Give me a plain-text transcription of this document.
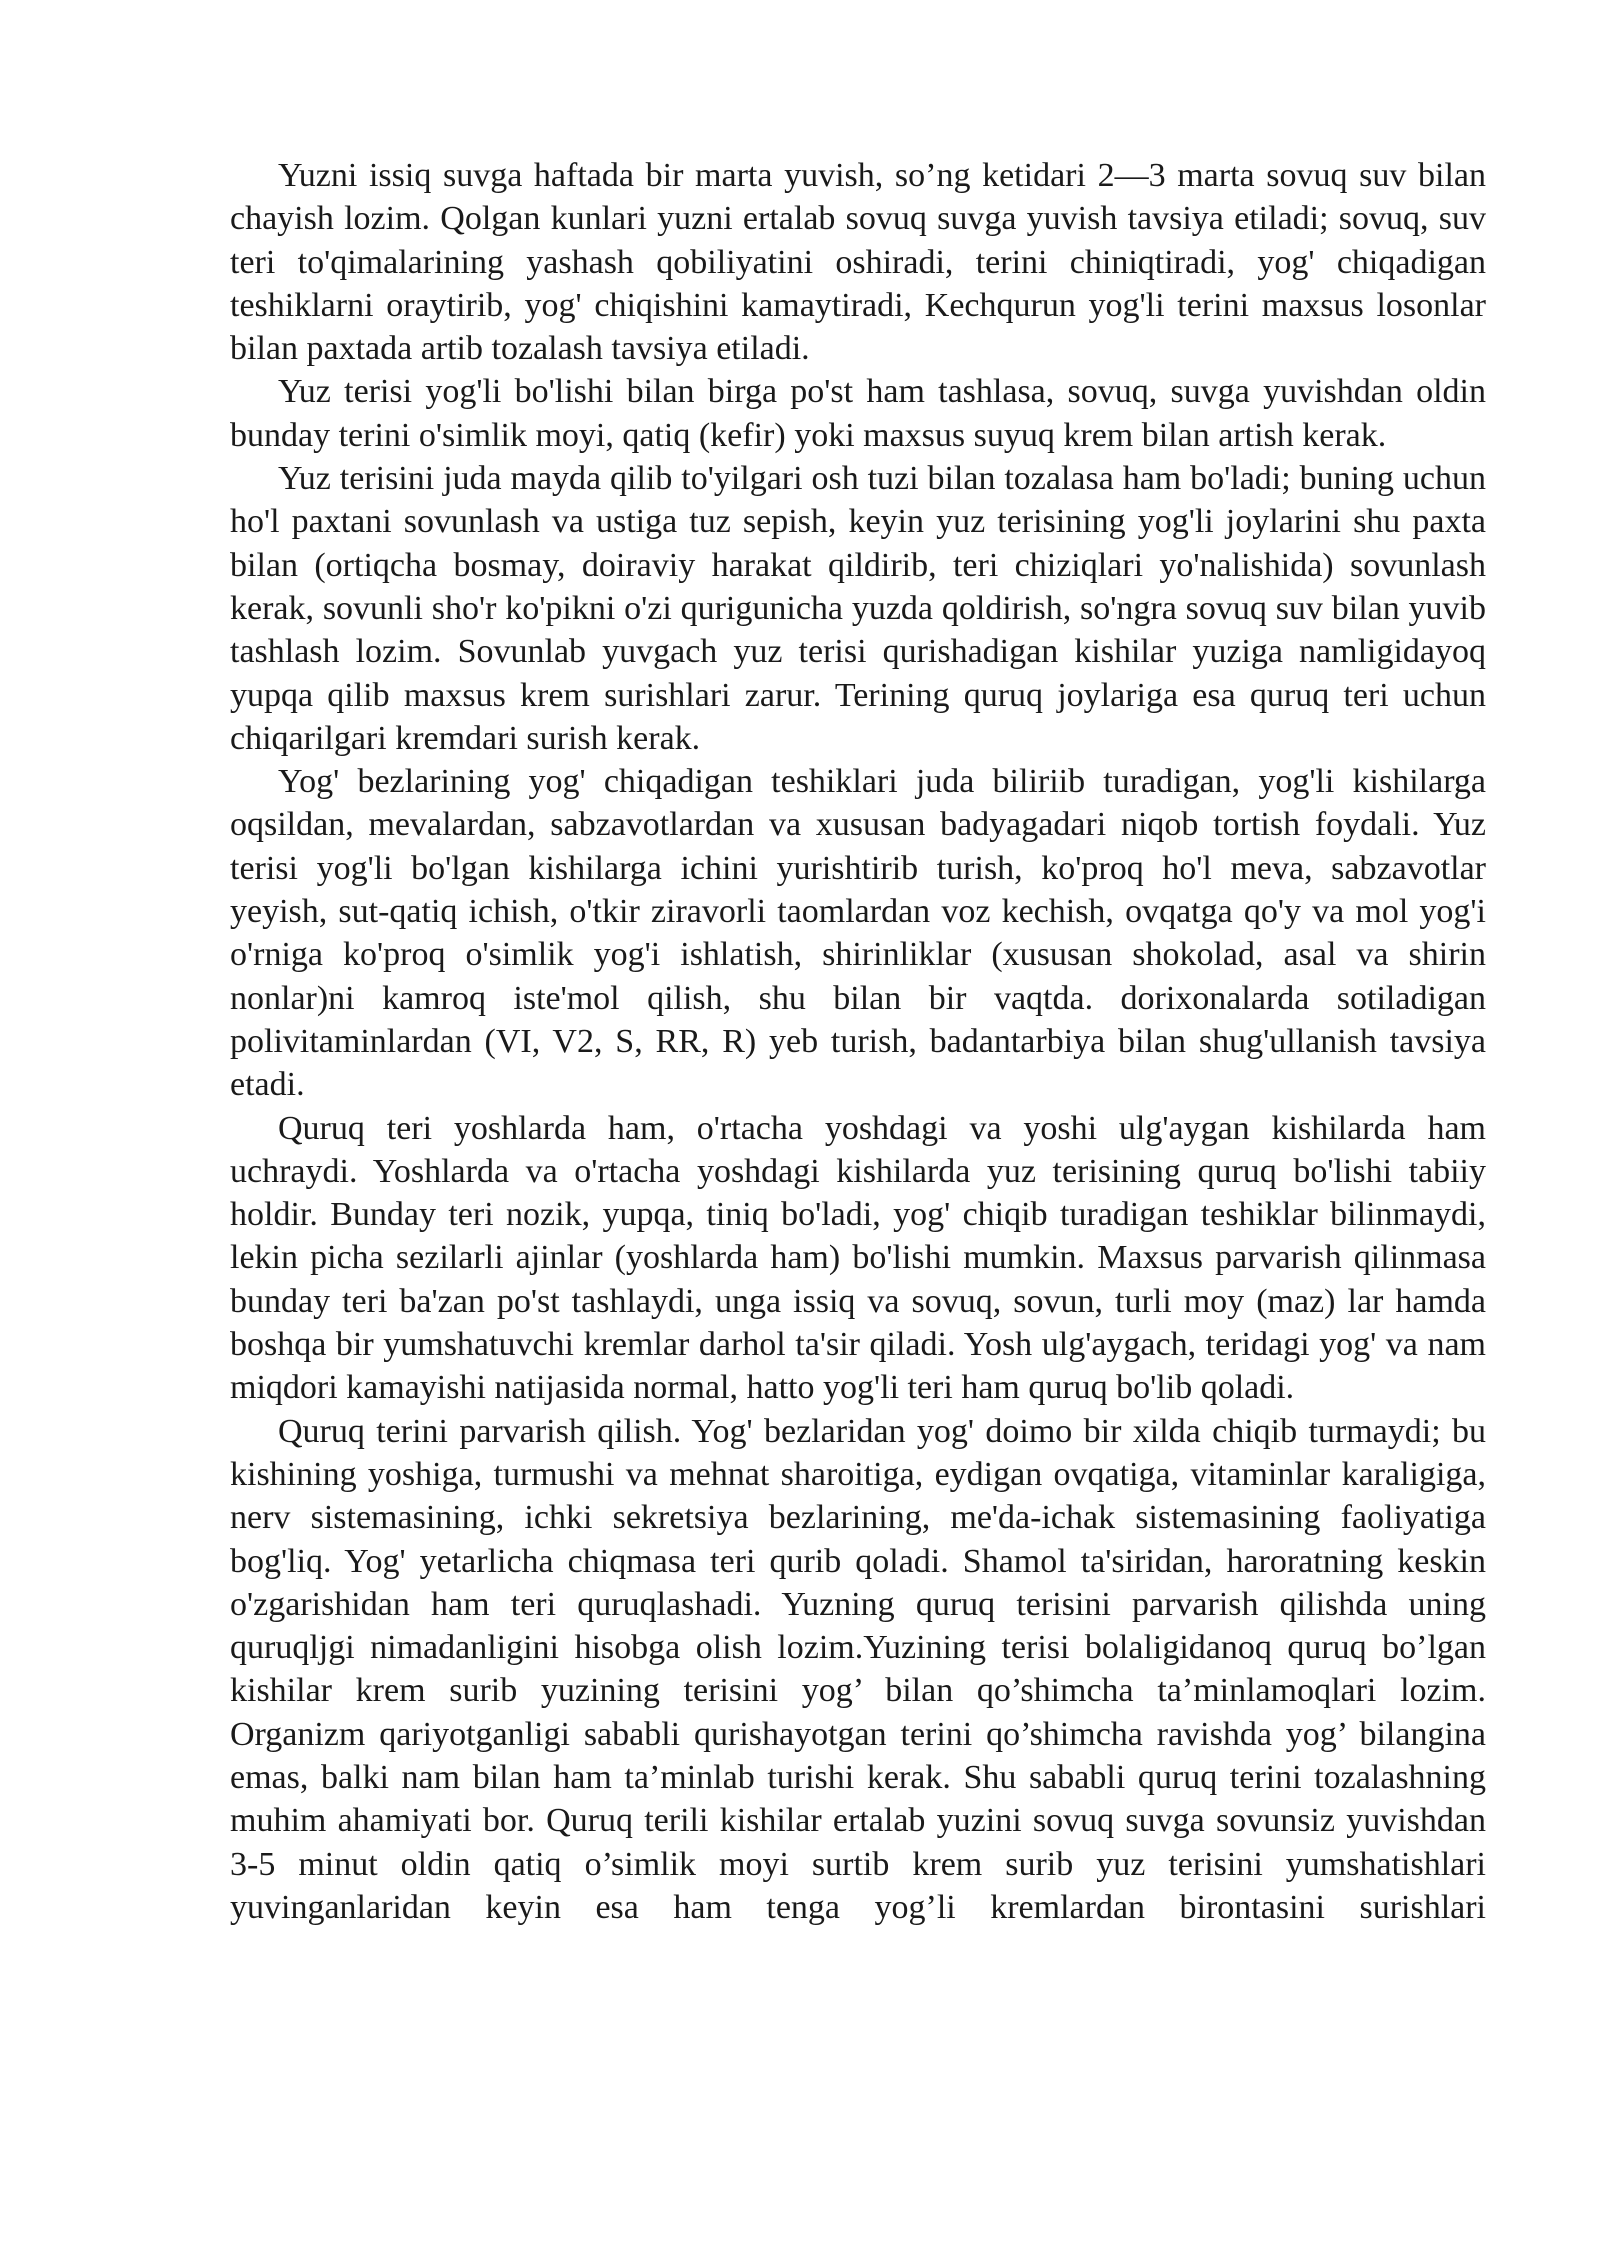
Yuzni issiq suvga haftada bir marta yuvish, so’ng ketidari 2—3 marta sovuq suv bilan chayish lozim. Qolgan kunlari yuzni ertalab sovuq suvga yuvish tavsiya etiladi; sovuq, suv teri to'qimalarining yashash qobiliyatini oshiradi, terini chiniqtiradi, yog' chiqadigan teshiklarni oraytirib, yog' chiqishini kamaytiradi, Kechqurun yog'li terini maxsus losonlar bilan paxtada artib tozalash tavsiya etiladi.

Yuz terisi yog'li bo'lishi bilan birga po'st ham tashlasa, sovuq, suvga yuvishdan oldin bunday terini o'simlik moyi, qatiq (kefir) yoki maxsus suyuq krem bilan artish kerak.

Yuz terisini juda mayda qilib to'yilgari osh tuzi bilan tozalasa ham bo'ladi; buning uchun ho'l paxtani sovunlash va ustiga tuz sepish, keyin yuz terisining yog'li joylarini shu paxta bilan (ortiqcha bosmay, doiraviy harakat qildirib, teri chiziqlari yo'nalishida) sovunlash kerak, sovunli sho'r ko'pikni o'zi qurigunicha yuzda qoldirish, so'ngra sovuq suv bilan yuvib tashlash lozim. Sovunlab yuvgach yuz terisi qurishadigan kishilar yuziga namligidayoq yupqa qilib maxsus krem surishlari zarur. Terining quruq joylariga esa quruq teri uchun chiqarilgari kremdari surish kerak.

Yog' bezlarining yog' chiqadigan teshiklari juda biliriib turadigan, yog'li kishilarga oqsildan, mevalardan, sabzavotlardan va xususan badyagadari niqob tortish foydali. Yuz terisi yog'li bo'lgan kishilarga ichini yurishtirib turish, ko'proq ho'l meva, sabzavotlar yeyish, sut-qatiq ichish, o'tkir ziravorli taomlardan voz kechish, ovqatga qo'y va mol yog'i o'rniga ko'proq o'simlik yog'i ishlatish, shirinliklar (xususan shokolad, asal va shirin nonlar)ni kamroq iste'mol qilish, shu bilan bir vaqtda. dorixonalarda sotiladigan polivitaminlardan (VI, V2, S, RR, R) yeb turish, badantarbiya bilan shug'ullanish tavsiya etadi.

Quruq teri yoshlarda ham, o'rtacha yoshdagi va yoshi ulg'aygan kishilarda ham uchraydi. Yoshlarda va o'rtacha yoshdagi kishilarda yuz terisining quruq bo'lishi tabiiy holdir. Bunday teri nozik, yupqa, tiniq bo'ladi, yog' chiqib turadigan teshiklar bilinmaydi, lekin picha sezilarli ajinlar (yoshlarda ham) bo'lishi mumkin. Maxsus parvarish qilinmasa bunday teri ba'zan po'st tashlaydi, unga issiq va sovuq, sovun, turli moy (maz) lar hamda boshqa bir yumshatuvchi kremlar darhol ta'sir qiladi. Yosh ulg'aygach, teridagi yog' va nam miqdori kamayishi natijasida normal, hatto yog'li teri ham quruq bo'lib qoladi.

Quruq terini parvarish qilish. Yog' bezlaridan yog' doimo bir xilda chiqib turmaydi; bu kishining yoshiga, turmushi va mehnat sharoitiga, eydigan ovqatiga, vitaminlar karaligiga, nerv sistemasining, ichki sekretsiya bezlarining, me'da-ichak sistemasining faoliyatiga bog'liq. Yog' yetarlicha chiqmasa teri qurib qoladi. Shamol ta'siridan, haroratning keskin o'zgarishidan ham teri quruqlashadi. Yuzning quruq terisini parvarish qilishda uning quruqljgi nimadanligini hisobga olish lozim.Yuzining terisi bolaligidanoq quruq bo’lgan kishilar krem surib yuzining terisini yog’ bilan qo’shimcha ta’minlamoqlari lozim. Organizm qariyotganligi sababli qurishayotgan terini qo’shimcha ravishda yog’ bilangina emas, balki nam bilan ham ta’minlab turishi kerak. Shu sababli quruq terini tozalashning muhim ahamiyati bor. Quruq terili kishilar ertalab yuzini sovuq suvga sovunsiz yuvishdan 3-5 minut oldin qatiq o’simlik moyi surtib krem surib yuz terisini yumshatishlari yuvinganlaridan keyin esa ham tenga yog’li kremlardan birontasini surishlari
